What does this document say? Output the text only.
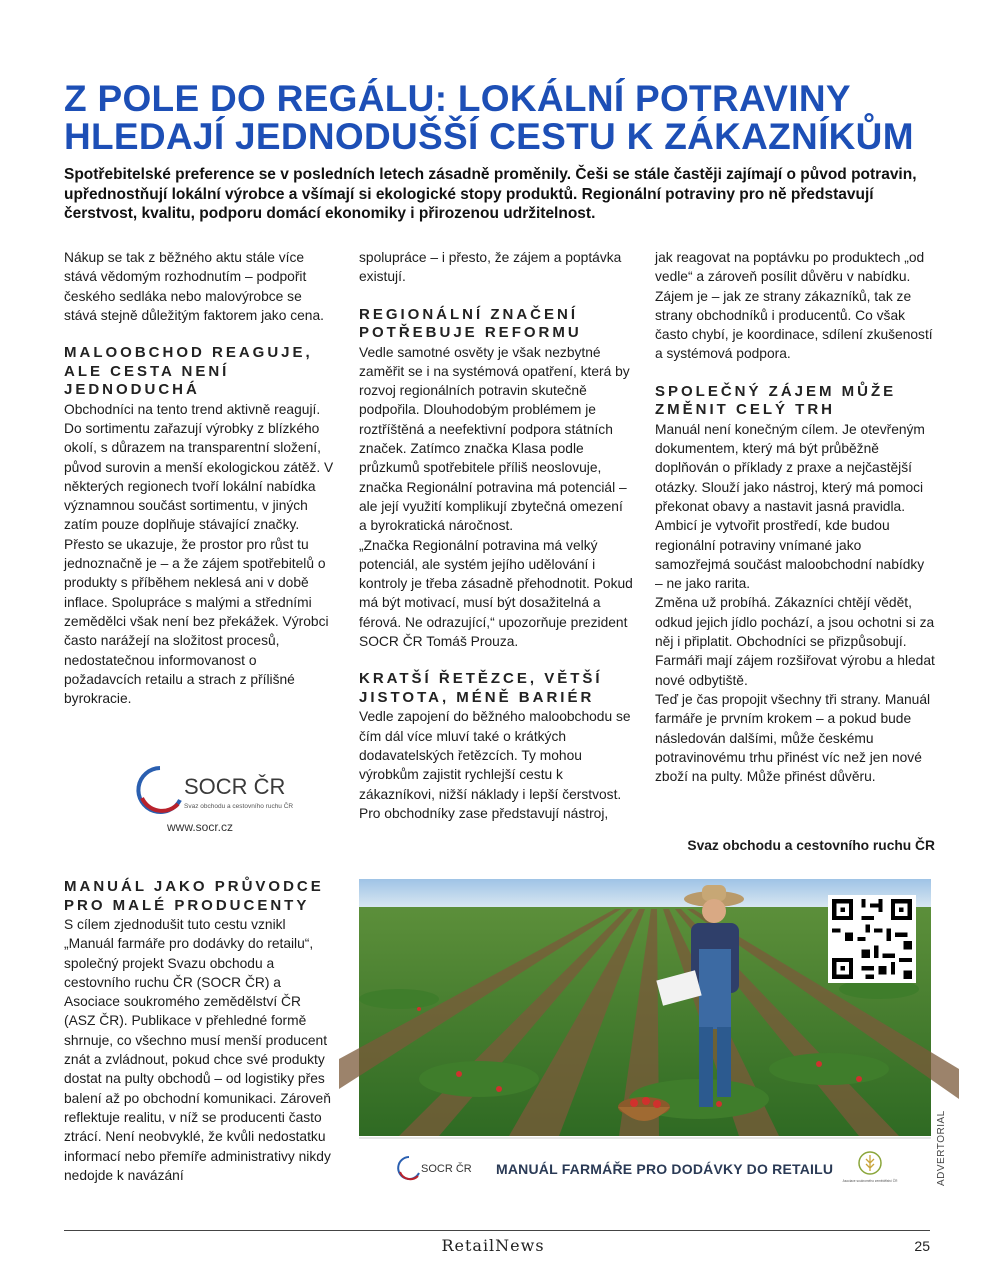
Z POLE DO REGÁLU: LOKÁLNÍ POTRAVINY
HLEDAJÍ JEDNODUŠŠÍ CESTU K ZÁKAZNÍKŮM

Spotřebitelské preference se v posledních letech zásadně proměnily. Češi se stále častěji zajímají o původ potravin, upřednostňují lokální výrobce a všímají si ekologické stopy produktů. Regionální potraviny pro ně představují čerstvost, kvalitu, podporu domácí ekonomiky i přirozenou udržitelnost.

Nákup se tak z běžného aktu stále více stává vědomým rozhodnutím – podpořit českého sedláka nebo malovýrobce se stává stejně důležitým faktorem jako cena.

MALOOBCHOD REAGUJE, ALE CESTA NENÍ JEDNODUCHÁ

Obchodníci na tento trend aktivně reagují. Do sortimentu zařazují výrobky z blízkého okolí, s důrazem na transparentní složení, původ surovin a menší ekologickou zátěž. V některých regionech tvoří lokální nabídka významnou součást sortimentu, v jiných zatím pouze doplňuje stávající značky. Přesto se ukazuje, že prostor pro růst tu jednoznačně je – a že zájem spotřebitelů o produkty s příběhem neklesá ani v době inflace. Spolupráce s malými a středními zemědělci však není bez překážek. Výrobci často narážejí na složitost procesů, nedostatečnou informovanost o požadavcích retailu a strach z přílišné byrokracie.

SOCR ČR
Svaz obchodu a cestovního ruchu ČR
www.socr.cz
MANUÁL JAKO PRŮVODCE PRO MALÉ PRODUCENTY

S cílem zjednodušit tuto cestu vznikl „Manuál farmáře pro dodávky do retailu“, společný projekt Svazu obchodu a cestovního ruchu ČR (SOCR ČR) a Asociace soukromého zemědělství ČR (ASZ ČR). Publikace v přehledné formě shrnuje, co všechno musí menší producent znát a zvládnout, pokud chce své produkty dostat na pulty obchodů – od logistiky přes balení až po obchodní komunikaci. Zároveň reflektuje realitu, v níž se producenti často ztrácí. Není neobvyklé, že kvůli nedostatku informací nebo přemíře administrativy nikdy nedojde k navázání

spolupráce – i přesto, že zájem a poptávka existují.

REGIONÁLNÍ ZNAČENÍ POTŘEBUJE REFORMU

Vedle samotné osvěty je však nezbytné zaměřit se i na systémová opatření, která by rozvoj regionálních potravin skutečně podpořila. Dlouhodobým problémem je roztříštěná a neefektivní podpora státních značek. Zatímco značka Klasa podle průzkumů spotřebitele příliš neoslovuje, značka Regionální potravina má potenciál – ale její využití komplikují zbytečná omezení a byrokratická náročnost.

„Značka Regionální potravina má velký potenciál, ale systém jejího udělování i kontroly je třeba zásadně přehodnotit. Pokud má být motivací, musí být dosažitelná a férová. Ne odrazující,“ upozorňuje prezident SOCR ČR Tomáš Prouza.

KRATŠÍ ŘETĚZCE, VĚTŠÍ JISTOTA, MÉNĚ BARIÉR

Vedle zapojení do běžného maloobchodu se čím dál více mluví také o krátkých dodavatelských řetězcích. Ty mohou výrobkům zajistit rychlejší cestu k zákazníkovi, nižší náklady i lepší čerstvost. Pro obchodníky zase představují nástroj,

jak reagovat na poptávku po produktech „od vedle“ a zároveň posílit důvěru v nabídku.

Zájem je – jak ze strany zákazníků, tak ze strany obchodníků i producentů. Co však často chybí, je koordinace, sdílení zkušeností a systémová podpora.

SPOLEČNÝ ZÁJEM MŮŽE ZMĚNIT CELÝ TRH

Manuál není konečným cílem. Je otevřeným dokumentem, který má být průběžně doplňován o příklady z praxe a nejčastější otázky. Slouží jako nástroj, který má pomoci překonat obavy a nastavit jasná pravidla. Ambicí je vytvořit prostředí, kde budou regionální potraviny vnímané jako samozřejmá součást maloobchodní nabídky – ne jako rarita.

Změna už probíhá. Zákazníci chtějí vědět, odkud jejich jídlo pochází, a jsou ochotni si za něj i připlatit. Obchodníci se přizpůsobují. Farmáři mají zájem rozšiřovat výrobu a hledat nové odbytiště.

Teď je čas propojit všechny tři strany. Manuál farmáře je prvním krokem – a pokud bude následován dalšími, může českému potravinovému trhu přinést víc než jen nové zboží na pulty. Může přinést důvěru.

Svaz obchodu a cestovního ruchu ČR
SOCR ČR MANUÁL FARMÁŘE PRO DODÁVKY DO RETAILU
Asociace soukromého zemědělství ČR	ADVERTORIAL
RetailNews	25
